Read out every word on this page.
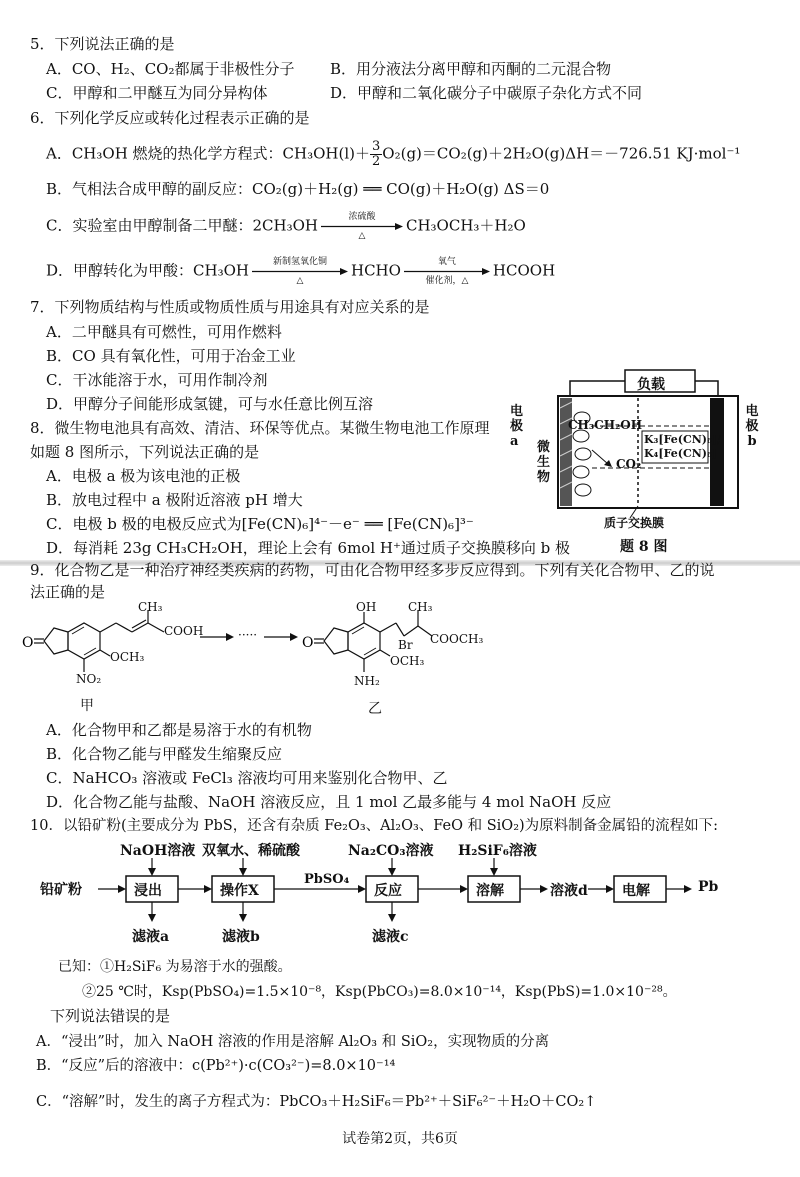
5．下列说法正确的是
A．CO、H₂、CO₂都属于非极性分子 B．用分液法分离甲醇和丙酮的二元混合物
C．甲醇和二甲醚互为同分异构体	D．甲醇和二氧化碳分子中碳原子杂化方式不同
6．下列化学反应或转化过程表示正确的是
A．CH₃OH 燃烧的热化学方程式：$CH_3OH(l)+ \frac{3}{2} O_2(g)=CO_2(g)+2H_2O(g)\Delta H=-726.51$ KJ·mol⁻¹
B．气相法合成甲醇的副反应：CO₂(g)＋H₂(g) ══ CO(g)＋H₂O(g) ΔS＝0
C．实验室由甲醇制备二甲醚：2CH₃OH	浓硫酸
△
CH₃OCH₃＋H₂O
D．甲醇转化为甲酸：CH₃OH	新制氢氧化铜
△
HCHO	氧气
催化剂，△
HCOOH
7．下列物质结构与性质或物质性质与用途具有对应关系的是
A．二甲醚具有可燃性，可用作燃料
B．CO 具有氧化性，可用于冶金工业
C．干冰能溶于水，可用作制冷剂
D．甲醇分子间能形成氢键，可与水任意比例互溶
8．微生物电池具有高效、清洁、环保等优点。某微生物电池工作原理
如题 8 图所示，下列说法正确的是
A．电极 a 极为该电池的正极
B．放电过程中 a 极附近溶液 pH 增大
C．电极 b 极的电极反应式为[Fe(CN)₆]⁴⁻－e⁻ ══ [Fe(CN)₆]³⁻
D．每消耗 23g CH₃CH₂OH，理论上会有 6mol H⁺通过质子交换膜移向 b 极
电极a
电极b
微生物
负载
CH₃CH₂OH
CO₂
K₃[Fe(CN)₆]/
K₄[Fe(CN)₆]
质子交换膜
题 8 图
9．化合物乙是一种治疗神经类疾病的药物，可由化合物甲经多步反应得到。下列有关化合物甲、乙的说
法正确的是
O
CH₃
COOH
OCH₃
NO₂
甲
·····	O
OH	CH₃
Br COOCH₃
OCH₃
NH₂
乙
A．化合物甲和乙都是易溶于水的有机物
B．化合物乙能与甲醛发生缩聚反应
C．NaHCO₃ 溶液或 FeCl₃ 溶液均可用来鉴别化合物甲、乙
D．化合物乙能与盐酸、NaOH 溶液反应，且 1 mol 乙最多能与 4 mol NaOH 反应
10．以铅矿粉(主要成分为 PbS，还含有杂质 Fe₂O₃、Al₂O₃、FeO 和 SiO₂)为原料制备金属铅的流程如下:
NaOH溶液 双氧水、稀硫酸	Na₂CO₃溶液 H₂SiF₆溶液
铅矿粉	浸出	操作X
PbSO₄
反应	溶解	溶液d 电解	Pb
滤液a	滤液b	滤液c
已知：①H₂SiF₆ 为易溶于水的强酸。
②25 ℃时，Ksp(PbSO₄)=1.5×10⁻⁸，Ksp(PbCO₃)=8.0×10⁻¹⁴，Ksp(PbS)=1.0×10⁻²⁸。
下列说法错误的是
A．“浸出”时，加入 NaOH 溶液的作用是溶解 Al₂O₃ 和 SiO₂，实现物质的分离
B．“反应”后的溶液中：c(Pb²⁺)·c(CO₃²⁻)=8.0×10⁻¹⁴
C．“溶解”时，发生的离子方程式为：PbCO₃＋H₂SiF₆＝Pb²⁺＋SiF₆²⁻＋H₂O＋CO₂↑
试卷第2页，共6页
